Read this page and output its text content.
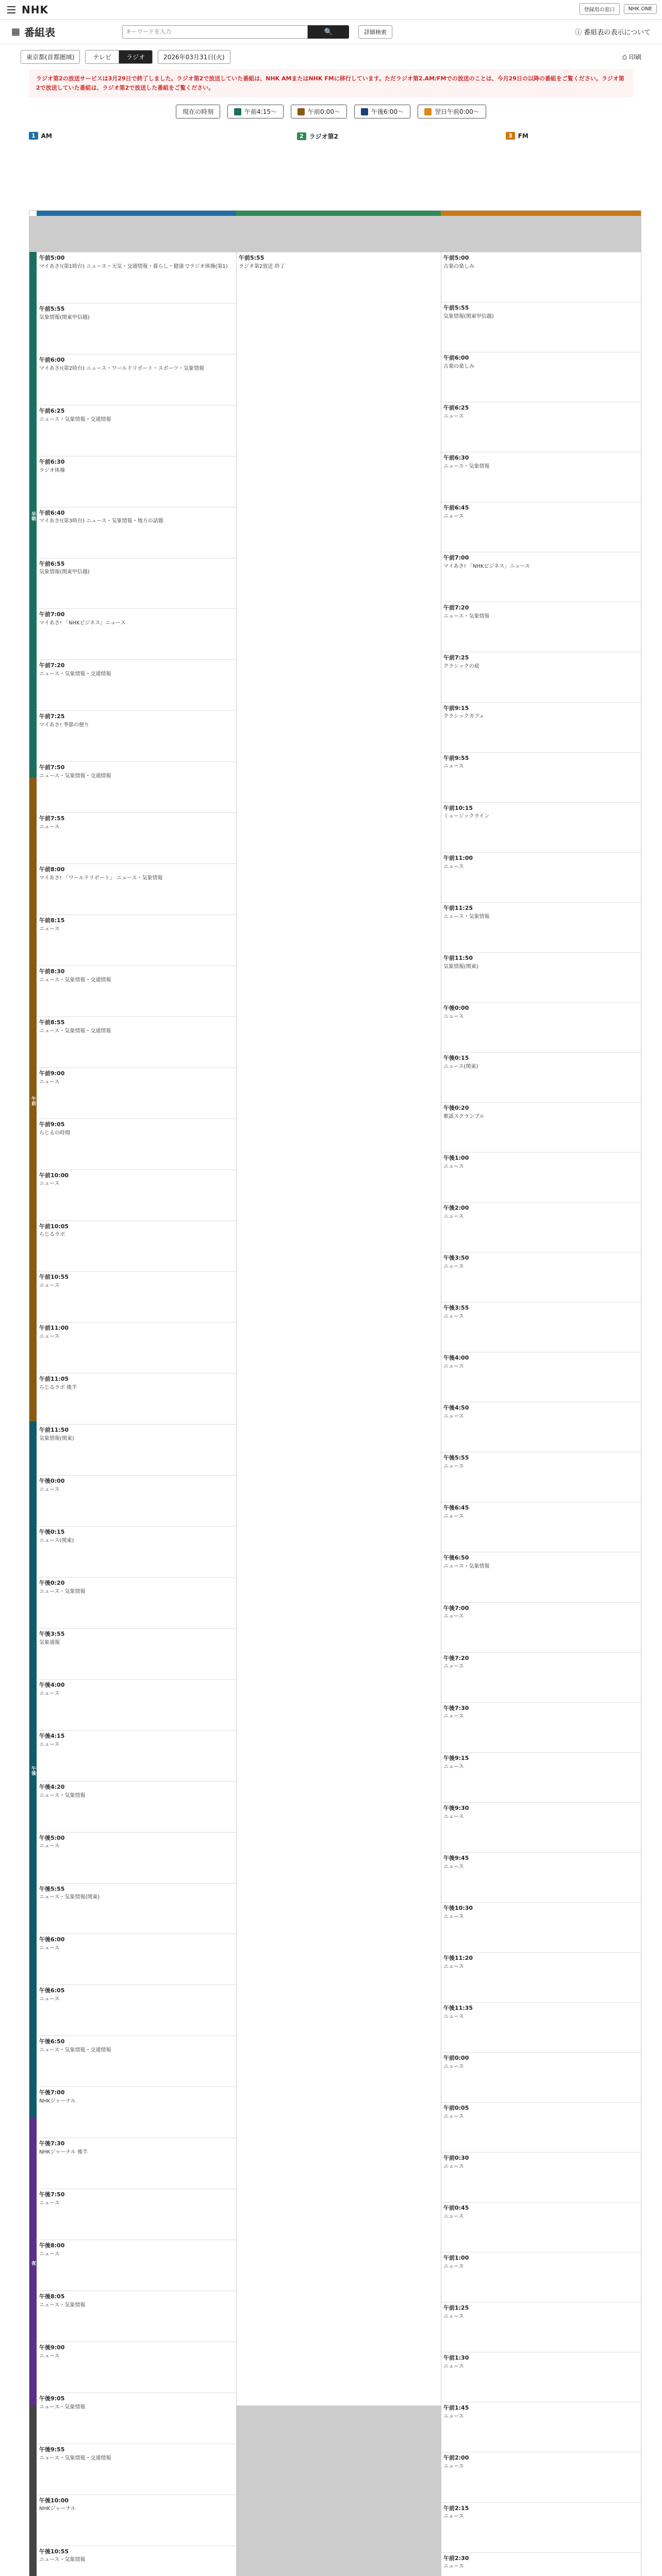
NHK	登録用の窓口	NHK ONE
▦ 番組表
キーワードを入力	🔍	詳細検索	ⓘ 番組表の表示について
東京都(首都圏域)	テレビ	ラジオ	2026年03月31日(火)	⎙ 印刷
ラジオ第2の放送サービスは3月29日で終了しました。ラジオ第2で放送していた番組は、NHK AMまたはNHK FMに移行しています。ただラジオ第2.AM/FMでの放送のことは、今月29日の以降の番組をご覧ください。ラジオ第2で放送していた番組は、ラジオ第2で放送した番組をご覧ください。
現在の時刻	午前4:15〜	午前0:00〜	午後6:00〜	翌日午前0:00〜
1 AM	2 ラジオ第2	3 FM
早朝
午前
午後
夜
午前5:00
マイあさ!(第1時台) ニュース・天気・交通情報・暮らし・健康 ▽ラジオ体操(第1)
午前5:55
気象情報(関東甲信越)
午前6:00
マイあさ!(第2時台) ニュース・ワールドリポート・スポーツ・気象情報
午前6:25
ニュース・気象情報・交通情報
午前6:30
ラジオ体操
午前6:40
マイあさ!(第3時台) ニュース・気象情報・地方の話題
午前6:55
気象情報(関東甲信越)
午前7:00
マイあさ! 「NHKビジネス」ニュース
午前7:20
ニュース・気象情報・交通情報
午前7:25
マイあさ! 季節の便り
午前7:50
ニュース・気象情報・交通情報
午前7:55
ニュース
午前8:00
マイあさ! 「ワールドリポート」 ニュース・気象情報
午前8:15
ニュース
午前8:30
ニュース・気象情報・交通情報
午前8:55
ニュース・気象情報・交通情報
午前9:00
ニュース
午前9:05
らじるの時間
午前10:00
ニュース
午前10:05
らじるラボ
午前10:55
ニュース
午前11:00
ニュース
午前11:05
らじるラボ 後半
午前11:50
気象情報(関東)
午後0:00
ニュース
午後0:15
ニュース(関東)
午後0:20
ニュース・気象情報
午後3:55
気象通報
午後4:00
ニュース
午後4:15
ニュース
午後4:20
ニュース・気象情報
午後5:00
ニュース
午後5:55
ニュース・気象情報(関東)
午後6:00
ニュース
午後6:05
ニュース
午後6:50
ニュース・気象情報・交通情報
午後7:00
NHKジャーナル
午後7:30
NHKジャーナル 後半
午後7:50
ニュース
午後8:00
ニュース
午後8:05
ニュース・気象情報
午後9:00
ニュース
午後9:05
ニュース・気象情報
午後9:55
ニュース・気象情報・交通情報
午後10:00
NHKジャーナル
午後10:55
ニュース・気象情報
午前5:55
ラジオ第2放送 終了
午前5:00
古楽の楽しみ
午前5:55
気象情報(関東甲信越)
午前6:00
古楽の楽しみ
午前6:25
ニュース
午前6:30
ニュース・気象情報
午前6:45
ニュース
午前7:00
マイあさ! 「NHKビジネス」ニュース
午前7:20
ニュース・気象情報
午前7:25
クラシックの庭
午前9:15
クラシックカフェ
午前9:55
ニュース
午前10:15
ミュージックライン
午前11:00
ニュース
午前11:25
ニュース・気象情報
午前11:50
気象情報(関東)
午後0:00
ニュース
午後0:15
ニュース(関東)
午後0:20
歌謡スクランブル
午後1:00
ニュース
午後2:00
ニュース
午後3:50
ニュース
午後3:55
ニュース
午後4:00
ニュース
午後4:50
ニュース
午後5:55
ニュース
午後6:45
ニュース
午後6:50
ニュース・気象情報
午後7:00
ニュース
午後7:20
ニュース
午後7:30
ニュース
午後9:15
ニュース
午後9:30
ニュース
午後9:45
ニュース
午後10:30
ニュース
午後11:20
ニュース
午後11:35
ニュース
午前0:00
ニュース
午前0:05
ニュース
午前0:30
ニュース
午前0:45
ニュース
午前1:00
ニュース
午前1:25
ニュース
午前1:30
ニュース
午前1:45
ニュース
午前2:00
ニュース
午前2:15
ニュース
午前2:30
ニュース
